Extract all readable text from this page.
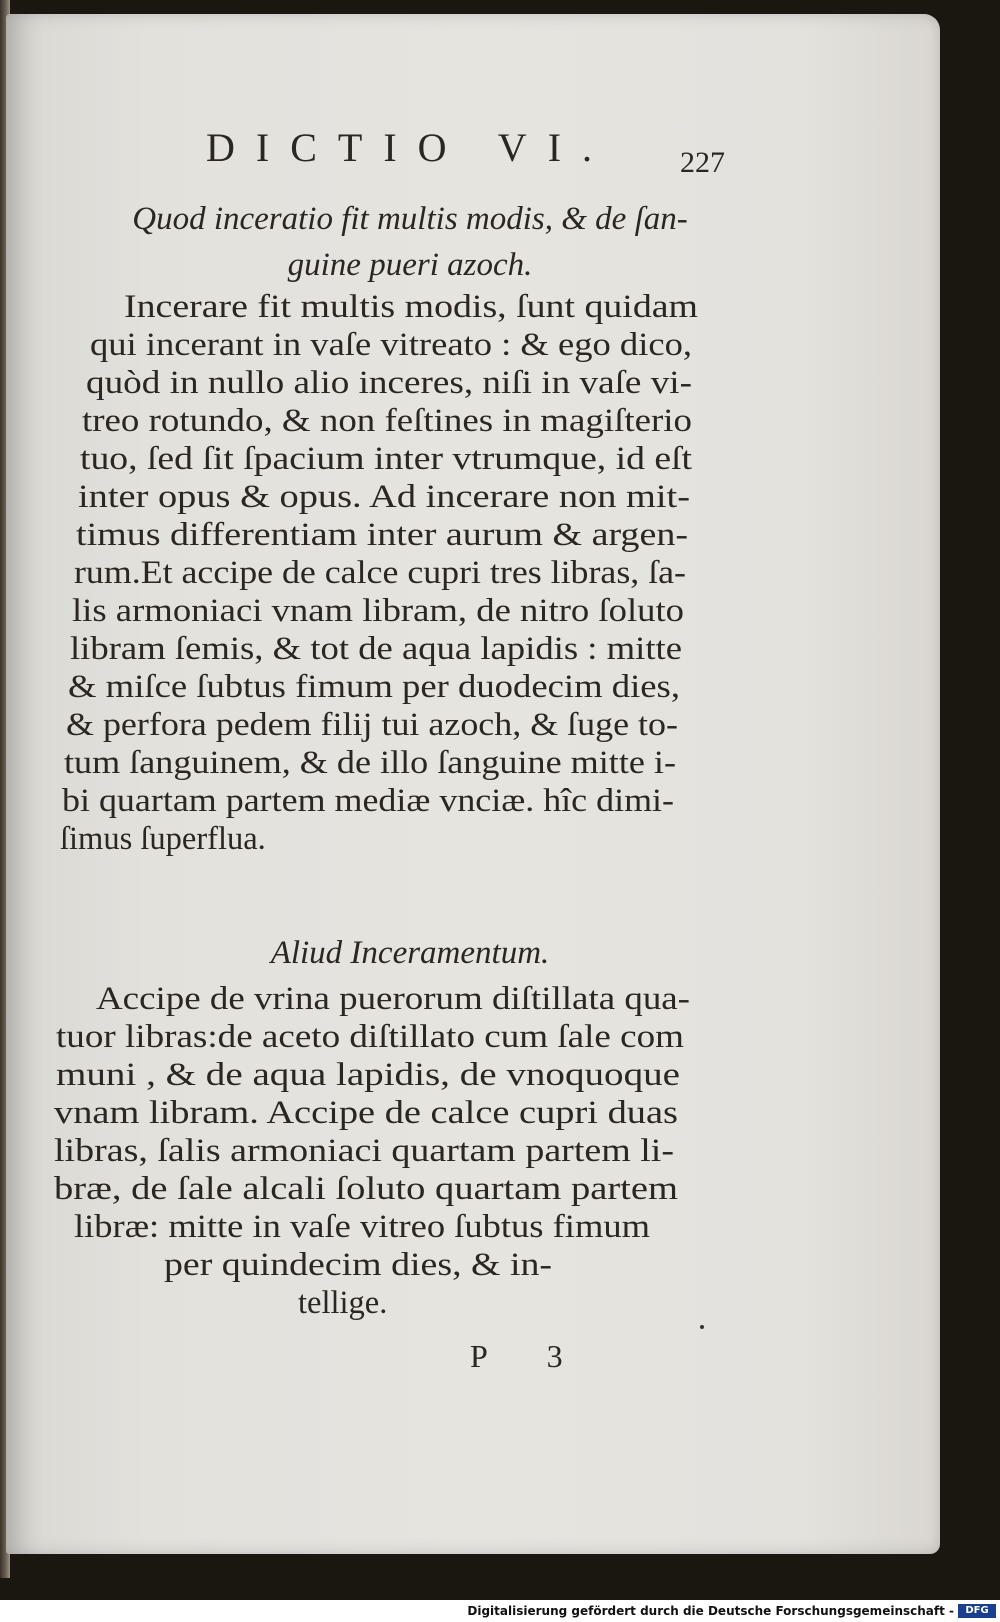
DICTIO VI. 227
Quod inceratio fit multis modis, & de ſan-
guine pueri azoch.
Incerare fit multis modis, ſunt quidam
qui incerant in vaſe vitreato : & ego dico,
quòd in nullo alio inceres, niſi in vaſe vi-
treo rotundo, & non feſtines in magiſterio
tuo, ſed ſit ſpacium inter vtrumque, id eſt
inter opus & opus. Ad incerare non mit-
timus differentiam inter aurum & argen-
rum.Et accipe de calce cupri tres libras, ſa-
lis armoniaci vnam libram, de nitro ſoluto
libram ſemis, & tot de aqua lapidis : mitte
& miſce ſubtus fimum per duodecim dies,
& perfora pedem filij tui azoch, & ſuge to-
tum ſanguinem, & de illo ſanguine mitte i-
bi quartam partem mediæ vnciæ. hîc dimi-
ſimus ſuperflua.
Aliud Inceramentum.
Accipe de vrina puerorum diſtillata qua-
tuor libras:de aceto diſtillato cum ſale com
muni , & de aqua lapidis, de vnoquoque
vnam libram. Accipe de calce cupri duas
libras, ſalis armoniaci quartam partem li-
bræ, de ſale alcali ſoluto quartam partem
libræ: mitte in vaſe vitreo ſubtus fimum
per quindecim dies, & in-
tellige.
P 3
Digitalisierung gefördert durch die Deutsche Forschungsgemeinschaft -	DFG
